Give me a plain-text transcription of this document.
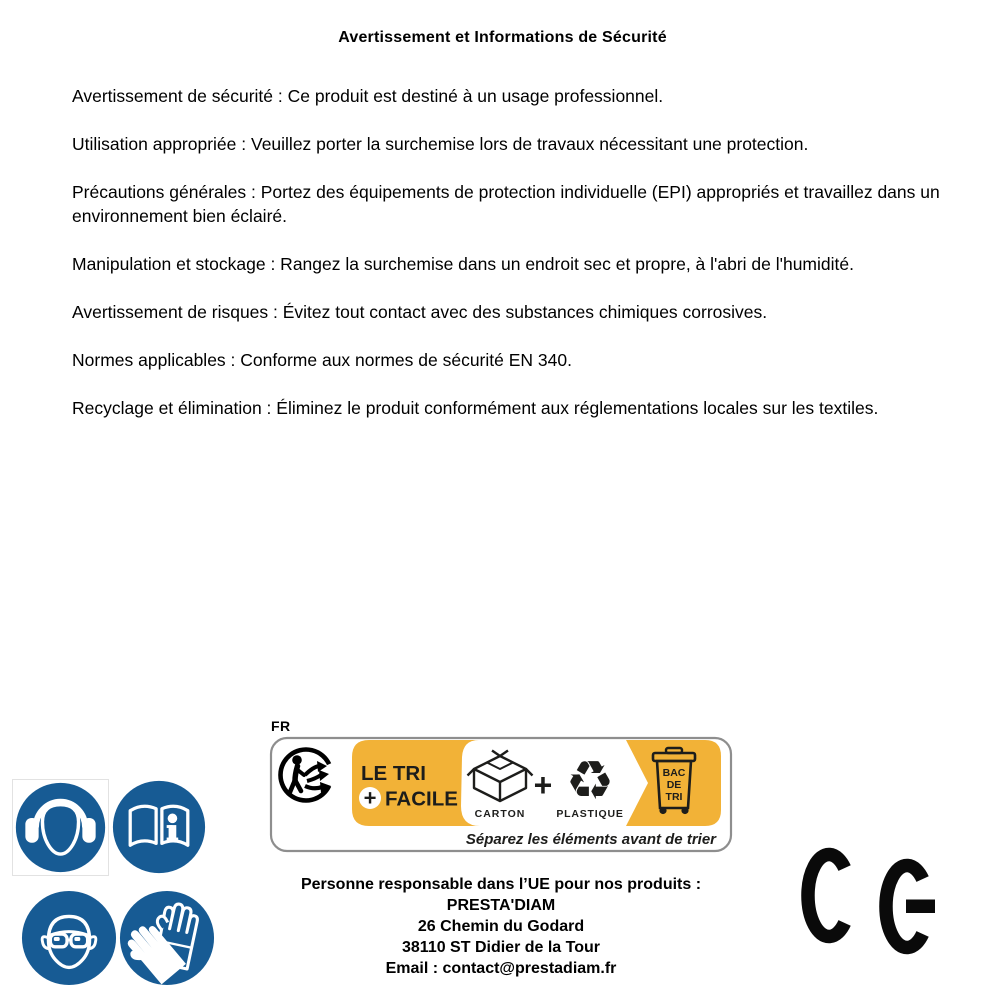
Avertissement et Informations de Sécurité

Avertissement de sécurité : Ce produit est destiné à un usage professionnel.

Utilisation appropriée : Veuillez porter la surchemise lors de travaux nécessitant une protection.

Précautions générales : Portez des équipements de protection individuelle (EPI) appropriés et travaillez dans un environnement bien éclairé.

Manipulation et stockage : Rangez la surchemise dans un endroit sec et propre, à l'abri de l'humidité.

Avertissement de risques : Évitez tout contact avec des substances chimiques corrosives.

Normes applicables : Conforme aux normes de sécurité EN 340.

Recyclage et élimination : Éliminez le produit conformément aux réglementations locales sur les textiles.

FR
LE TRI
+ FACILE
CARTON
+ ♻
PLASTIQUE
BAC
DE
TRI
Séparez les éléments avant de trier
Personne responsable dans l’UE pour nos produits :
PRESTA'DIAM
26 Chemin du Godard
38110 ST Didier de la Tour
Email : contact@prestadiam.fr
